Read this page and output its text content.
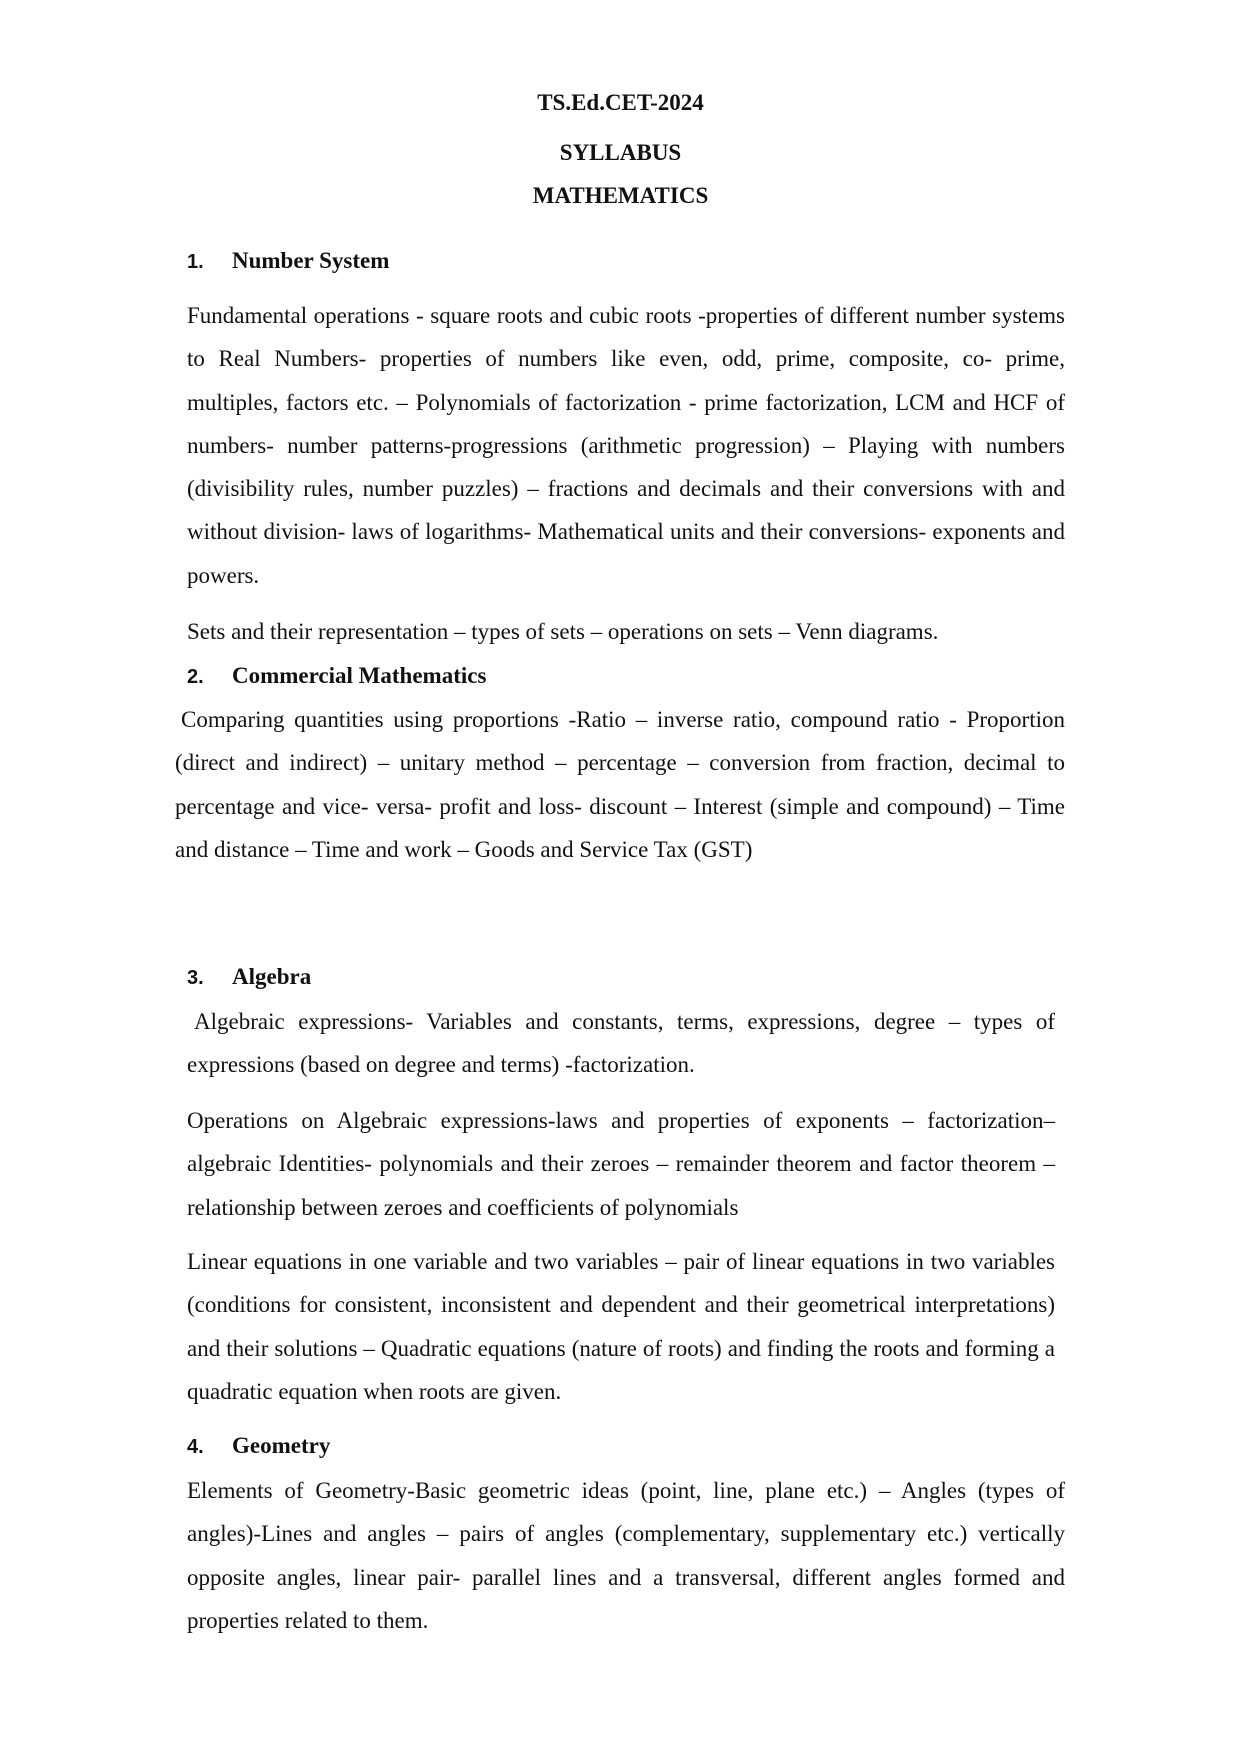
TS.Ed.CET-2024
SYLLABUS
MATHEMATICS
1. Number System

Fundamental operations - square roots and cubic roots -properties of different number systems to Real Numbers- properties of numbers like even, odd, prime, composite, co- prime, multiples, factors etc. – Polynomials of factorization - prime factorization, LCM and HCF of numbers- number patterns-progressions (arithmetic progression) – Playing with numbers (divisibility rules, number puzzles) – fractions and decimals and their conversions with and without division- laws of logarithms- Mathematical units and their conversions- exponents and powers.

Sets and their representation – types of sets – operations on sets – Venn diagrams.

2. Commercial Mathematics

Comparing quantities using proportions -Ratio – inverse ratio, compound ratio - Proportion (direct and indirect) – unitary method – percentage – conversion from fraction, decimal to percentage and vice- versa- profit and loss- discount – Interest (simple and compound) – Time and distance – Time and work – Goods and Service Tax (GST)

3. Algebra

Algebraic expressions- Variables and constants, terms, expressions, degree – types of expressions (based on degree and terms) -factorization.

Operations on Algebraic expressions-laws and properties of exponents – factorization– algebraic Identities- polynomials and their zeroes – remainder theorem and factor theorem – relationship between zeroes and coefficients of polynomials

Linear equations in one variable and two variables – pair of linear equations in two variables (conditions for consistent, inconsistent and dependent and their geometrical interpretations) and their solutions – Quadratic equations (nature of roots) and finding the roots and forming a quadratic equation when roots are given.

4. Geometry

Elements of Geometry-Basic geometric ideas (point, line, plane etc.) – Angles (types of angles)-Lines and angles – pairs of angles (complementary, supplementary etc.) vertically opposite angles, linear pair- parallel lines and a transversal, different angles formed and properties related to them.
